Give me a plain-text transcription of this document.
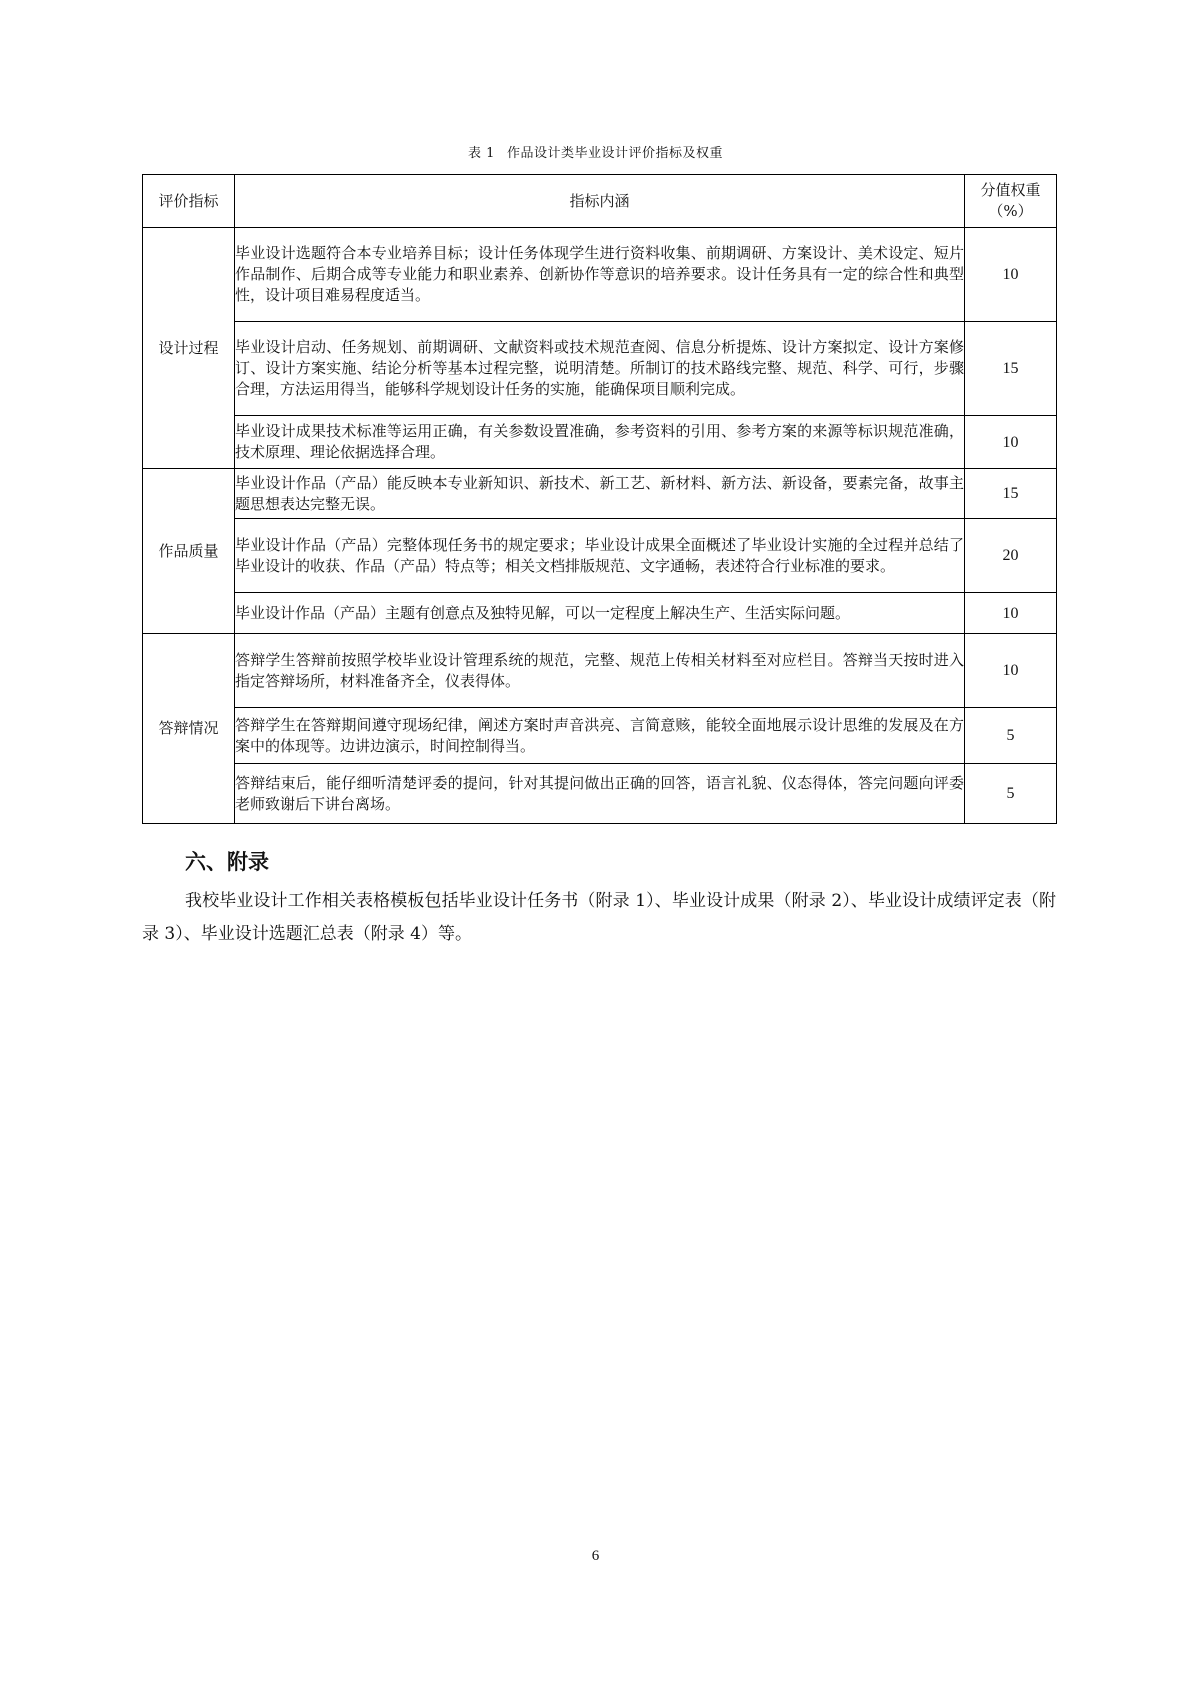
表 1 作品设计类毕业设计评价指标及权重
评价指标	指标内涵	分值权重
（%）

设计过程	毕业设计选题符合本专业培养目标；设计任务体现学生进行资料收集、前期调研、方案设计、美术设定、短片作品制作、后期合成等专业能力和职业素养、创新协作等意识的培养要求。设计任务具有一定的综合性和典型性，设计项目难易程度适当。	10
	毕业设计启动、任务规划、前期调研、文献资料或技术规范查阅、信息分析提炼、设计方案拟定、设计方案修订、设计方案实施、结论分析等基本过程完整，说明清楚。所制订的技术路线完整、规范、科学、可行，步骤合理，方法运用得当，能够科学规划设计任务的实施，能确保项目顺利完成。	15
	毕业设计成果技术标准等运用正确，有关参数设置准确，参考资料的引用、参考方案的来源等标识规范准确，技术原理、理论依据选择合理。	10
作品质量	毕业设计作品（产品）能反映本专业新知识、新技术、新工艺、新材料、新方法、新设备，要素完备，故事主题思想表达完整无误。	15
	毕业设计作品（产品）完整体现任务书的规定要求；毕业设计成果全面概述了毕业设计实施的全过程并总结了毕业设计的收获、作品（产品）特点等；相关文档排版规范、文字通畅，表述符合行业标准的要求。	20
	毕业设计作品（产品）主题有创意点及独特见解，可以一定程度上解决生产、生活实际问题。	10
答辩情况	答辩学生答辩前按照学校毕业设计管理系统的规范，完整、规范上传相关材料至对应栏目。答辩当天按时进入指定答辩场所，材料准备齐全，仪表得体。	10
	答辩学生在答辩期间遵守现场纪律，阐述方案时声音洪亮、言简意赅，能较全面地展示设计思维的发展及在方案中的体现等。边讲边演示，时间控制得当。	5
	答辩结束后，能仔细听清楚评委的提问，针对其提问做出正确的回答，语言礼貌、仪态得体，答完问题向评委老师致谢后下讲台离场。	5
六、附录
我校毕业设计工作相关表格模板包括毕业设计任务书（附录 1）、毕业设计成果（附录 2）、毕业设计成绩评定表（附录 3）、毕业设计选题汇总表（附录 4）等。
6
